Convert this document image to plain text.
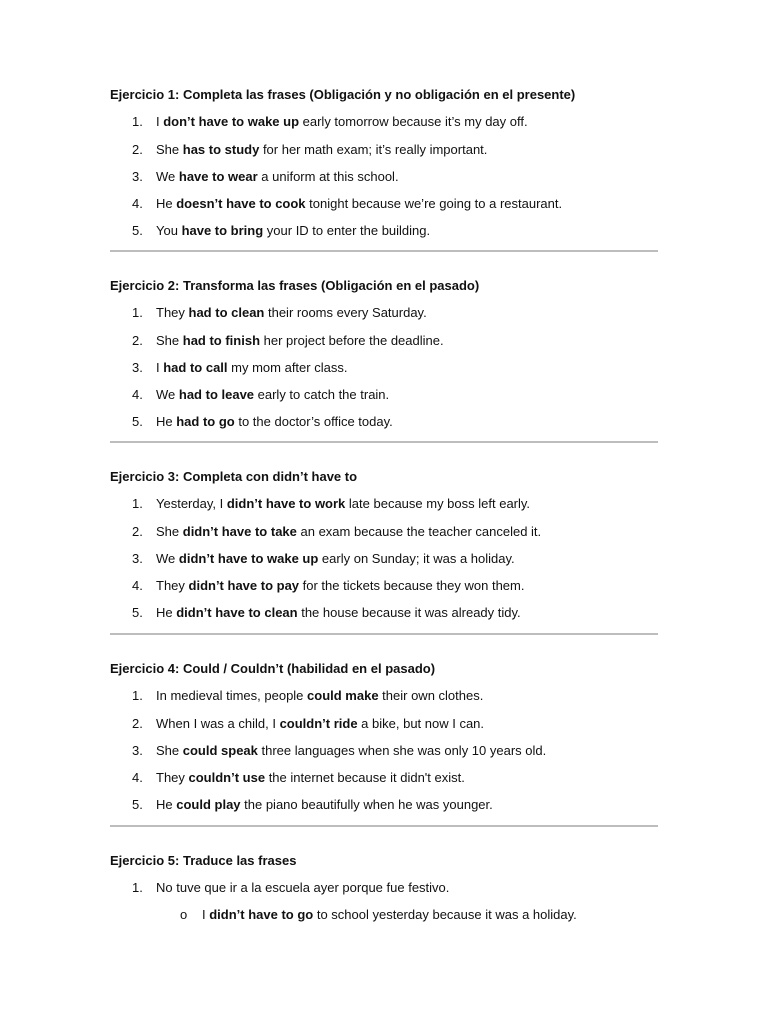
Ejercicio 1: Completa las frases (Obligación y no obligación en el presente)

1. I don’t have to wake up early tomorrow because it’s my day off.
2. She has to study for her math exam; it’s really important.
3. We have to wear a uniform at this school.
4. He doesn’t have to cook tonight because we’re going to a restaurant.
5. You have to bring your ID to enter the building.

Ejercicio 2: Transforma las frases (Obligación en el pasado)

1. They had to clean their rooms every Saturday.
2. She had to finish her project before the deadline.
3. I had to call my mom after class.
4. We had to leave early to catch the train.
5. He had to go to the doctor’s office today.

Ejercicio 3: Completa con didn’t have to

1. Yesterday, I didn’t have to work late because my boss left early.
2. She didn’t have to take an exam because the teacher canceled it.
3. We didn’t have to wake up early on Sunday; it was a holiday.
4. They didn’t have to pay for the tickets because they won them.
5. He didn’t have to clean the house because it was already tidy.

Ejercicio 4: Could / Couldn’t (habilidad en el pasado)

1. In medieval times, people could make their own clothes.
2. When I was a child, I couldn’t ride a bike, but now I can.
3. She could speak three languages when she was only 10 years old.
4. They couldn’t use the internet because it didn't exist.
5. He could play the piano beautifully when he was younger.

Ejercicio 5: Traduce las frases

1. No tuve que ir a la escuela ayer porque fue festivo.
o I didn’t have to go to school yesterday because it was a holiday.
